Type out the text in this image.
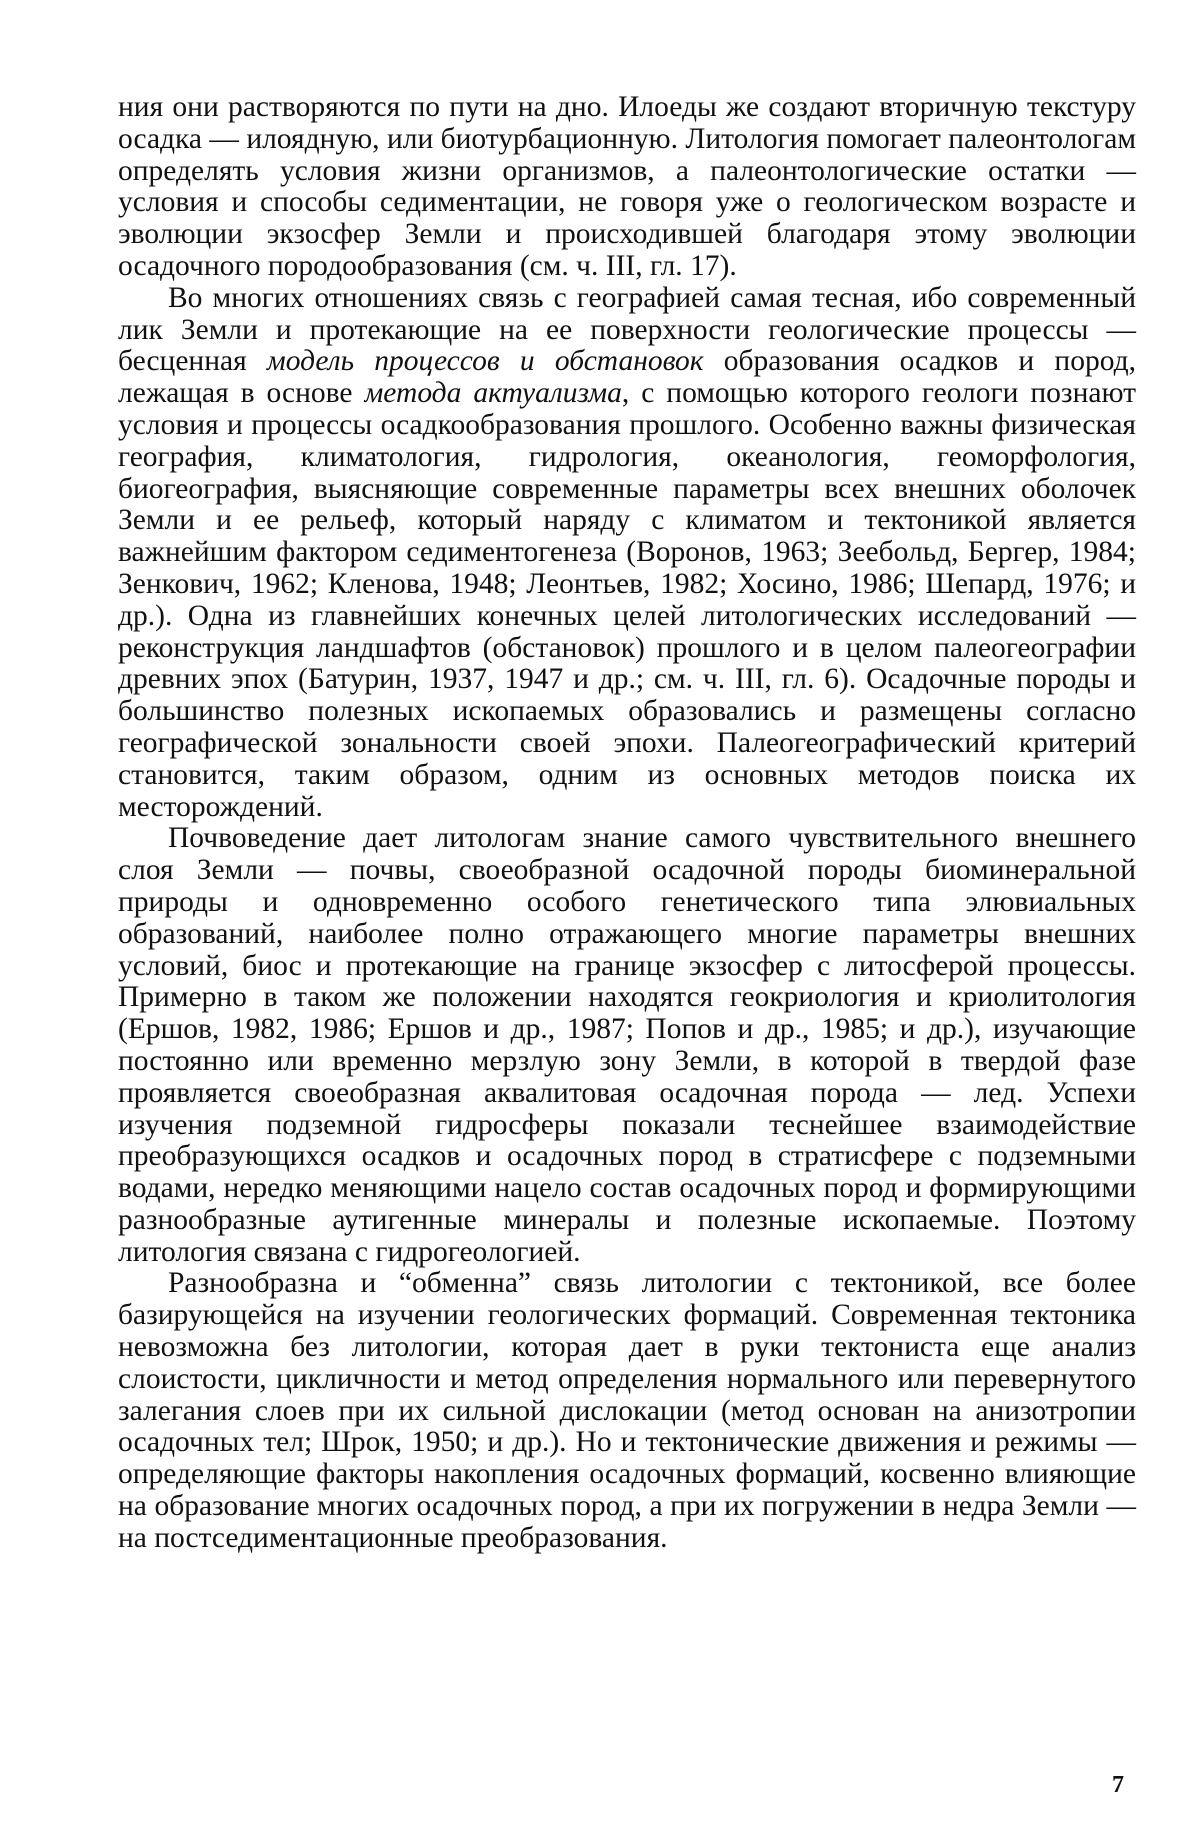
ния они растворяются по пути на дно. Илоеды же создают вторичную текстуру осадка — илоядную, или биотурбационную. Литология помогает палеонтологам определять условия жизни организмов, а палеонтологические остатки — условия и способы седиментации, не говоря уже о геологическом возрасте и эволюции экзосфер Земли и происходившей благодаря этому эволюции осадочного породообразования (см. ч. III, гл. 17).

Во многих отношениях связь с географией самая тесная, ибо современный лик Земли и протекающие на ее поверхности геологические процессы — бесценная модель процессов и обстановок образования осадков и пород, лежащая в основе метода актуализма, с помощью которого геологи познают условия и процессы осадкообразования прошлого. Особенно важны физическая география, климатология, гидрология, океанология, геоморфология, биогеография, выясняющие современные параметры всех внешних оболочек Земли и ее рельеф, который наряду с климатом и тектоникой является важнейшим фактором седиментогенеза (Воронов, 1963; Зеебольд, Бергер, 1984; Зенкович, 1962; Кленова, 1948; Леонтьев, 1982; Хосино, 1986; Шепард, 1976; и др.). Одна из главнейших конечных целей литологических исследований — реконструкция ландшафтов (обстановок) прошлого и в целом палеогеографии древних эпох (Батурин, 1937, 1947 и др.; см. ч. III, гл. 6). Осадочные породы и большинство полезных ископаемых образовались и размещены согласно географической зональности своей эпохи. Палеогеографический критерий становится, таким образом, одним из основных методов поиска их месторождений.

Почвоведение дает литологам знание самого чувствительного внешнего слоя Земли — почвы, своеобразной осадочной породы биоминеральной природы и одновременно особого генетического типа элювиальных образований, наиболее полно отражающего многие параметры внешних условий, биос и протекающие на границе экзосфер с литосферой процессы. Примерно в таком же положении находятся геокриология и криолитология (Ершов, 1982, 1986; Ершов и др., 1987; Попов и др., 1985; и др.), изучающие постоянно или временно мерзлую зону Земли, в которой в твердой фазе проявляется своеобразная аквалитовая осадочная порода — лед. Успехи изучения подземной гидросферы показали теснейшее взаимодействие преобразующихся осадков и осадочных пород в стратисфере с подземными водами, нередко меняющими нацело состав осадочных пород и формирующими разнообразные аутигенные минералы и полезные ископаемые. Поэтому литология связана с гидрогеологией.

Разнообразна и “обменна” связь литологии с тектоникой, все более базирующейся на изучении геологических формаций. Современная тектоника невозможна без литологии, которая дает в руки тектониста еще анализ слоистости, цикличности и метод определения нормального или перевернутого залегания слоев при их сильной дислокации (метод основан на анизотропии осадочных тел; Шрок, 1950; и др.). Но и тектонические движения и режимы — определяющие факторы накопления осадочных формаций, косвенно влияющие на образование многих осадочных пород, а при их погружении в недра Земли — на постседиментационные преобразования.

7
